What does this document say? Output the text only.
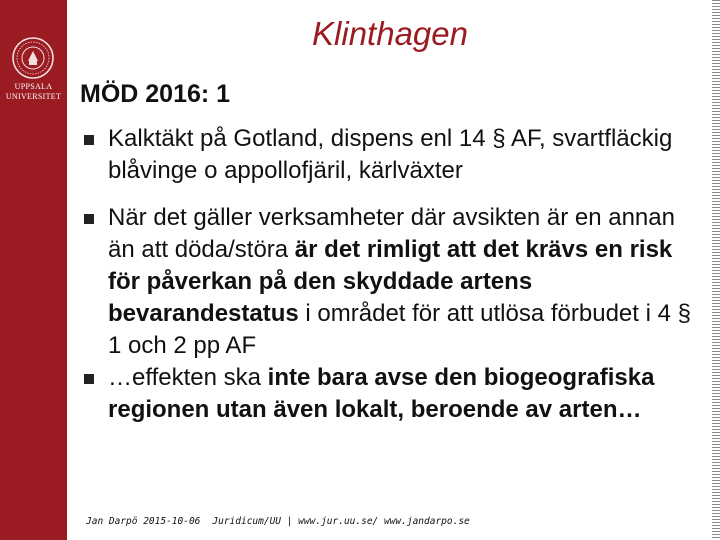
UPPSALA
UNIVERSITET
Klinthagen
MÖD 2016: 1
Kalktäkt på Gotland, dispens enl 14 § AF, svartfläckig blåvinge o appollofjäril, kärlväxter
När det gäller verksamheter där avsikten är en annan än att döda/störa är det rimligt att det krävs en risk för påverkan på den skyddade artens bevarandestatus i området för att utlösa förbudet i 4 § 1 och 2 pp AF
…effekten ska inte bara avse den biogeografiska regionen utan även lokalt, beroende av arten…
Jan Darpö 2015-10-06 Juridicum/UU | www.jur.uu.se/ www.jandarpo.se
